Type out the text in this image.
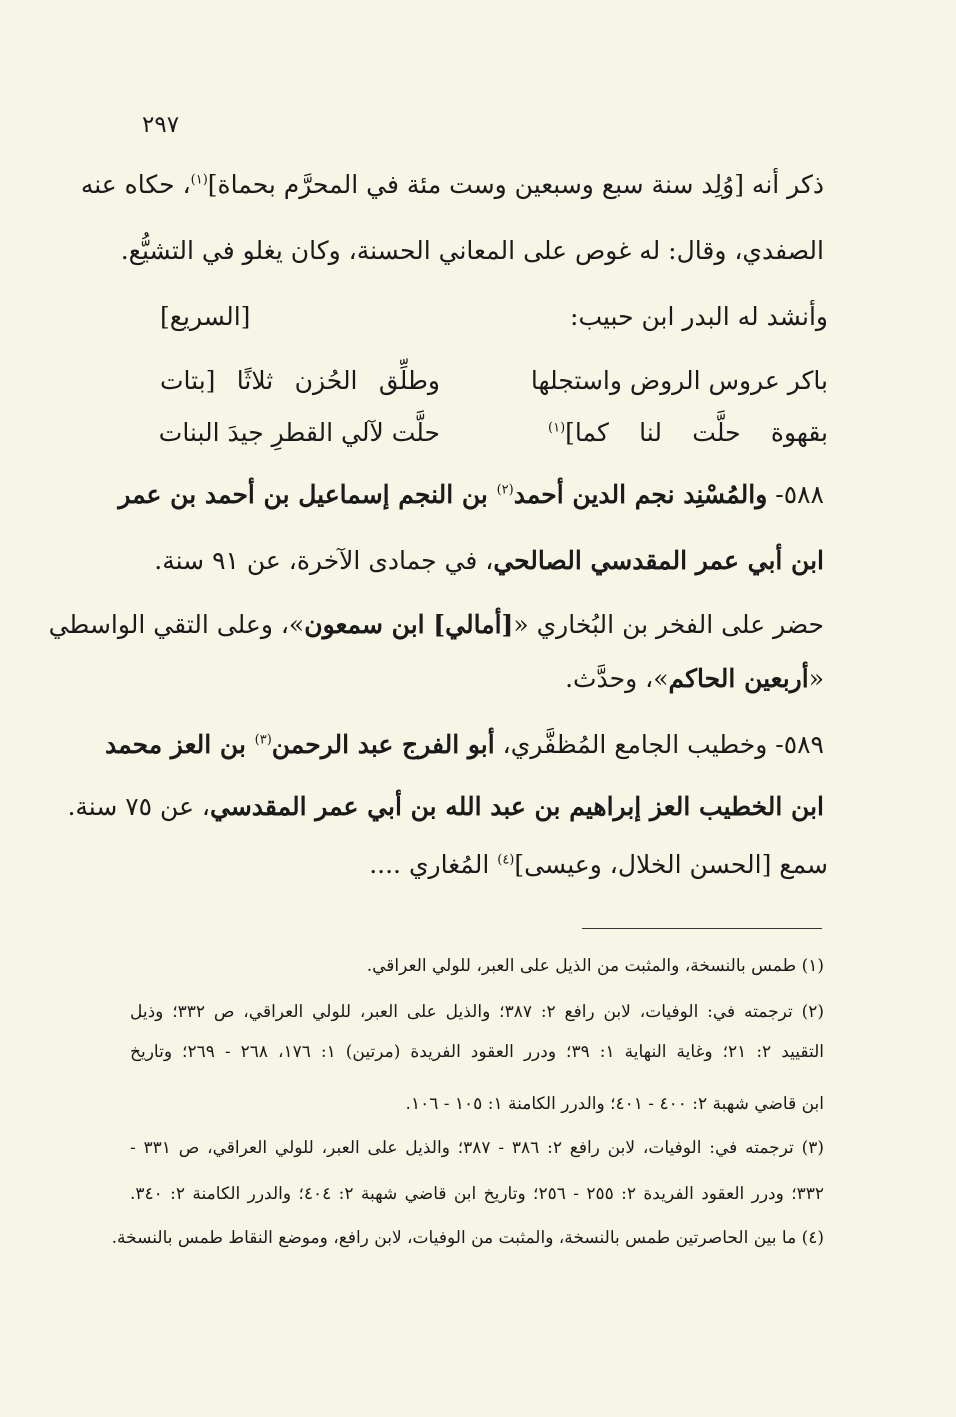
٢٩٧
ذكر أنه [وُلِد سنة سبع وسبعين وست مئة في المحرَّم بحماة]$^{(١)}$، حكاه عنه
الصفدي، وقال: له غوص على المعاني الحسنة، وكان يغلو في التشيُّع.
وأنشد له البدر ابن حبيب:
[السريع]
باكر عروس الروض واستجلها
وطلِّق الحُزن ثلاثًا [بتات
بقهوة حلَّت لنا كما]$^{(١)}$
حلَّت لآلي القطرِ جيدَ البنات
٥٨٨- والمُسْنِد نجم الدين أحمد$^{(٢)}$ بن النجم إسماعيل بن أحمد بن عمر
ابن أبي عمر المقدسي الصالحي، في جمادى الآخرة، عن ٩١ سنة.
حضر على الفخر بن البُخاري «[أمالي] ابن سمعون»، وعلى التقي الواسطي
«أربعين الحاكم»، وحدَّث.
٥٨٩- وخطيب الجامع المُظفَّري، أبو الفرج عبد الرحمن$^{(٣)}$ بن العز محمد
ابن الخطيب العز إبراهيم بن عبد الله بن أبي عمر المقدسي، عن ٧٥ سنة.
سمع [الحسن الخلال، وعيسى]$^{(٤)}$ المُغاري ....
(١) طمس بالنسخة، والمثبت من الذيل على العبر، للولي العراقي.
(٢) ترجمته في: الوفيات، لابن رافع ٢: ٣٨٧؛ والذيل على العبر، للولي العراقي، ص ٣٣٢؛ وذيل
التقييد ٢: ٢١؛ وغاية النهاية ١: ٣٩؛ ودرر العقود الفريدة (مرتين) ١: ١٧٦، ٢٦٨ - ٢٦٩؛ وتاريخ
ابن قاضي شهبة ٢: ٤٠٠ - ٤٠١؛ والدرر الكامنة ١: ١٠٥ - ١٠٦.
(٣) ترجمته في: الوفيات، لابن رافع ٢: ٣٨٦ - ٣٨٧؛ والذيل على العبر، للولي العراقي، ص ٣٣١ -
٣٣٢؛ ودرر العقود الفريدة ٢: ٢٥٥ - ٢٥٦؛ وتاريخ ابن قاضي شهبة ٢: ٤٠٤؛ والدرر الكامنة ٢: ٣٤٠.
(٤) ما بين الحاصرتين طمس بالنسخة، والمثبت من الوفيات، لابن رافع، وموضع النقاط طمس بالنسخة.
